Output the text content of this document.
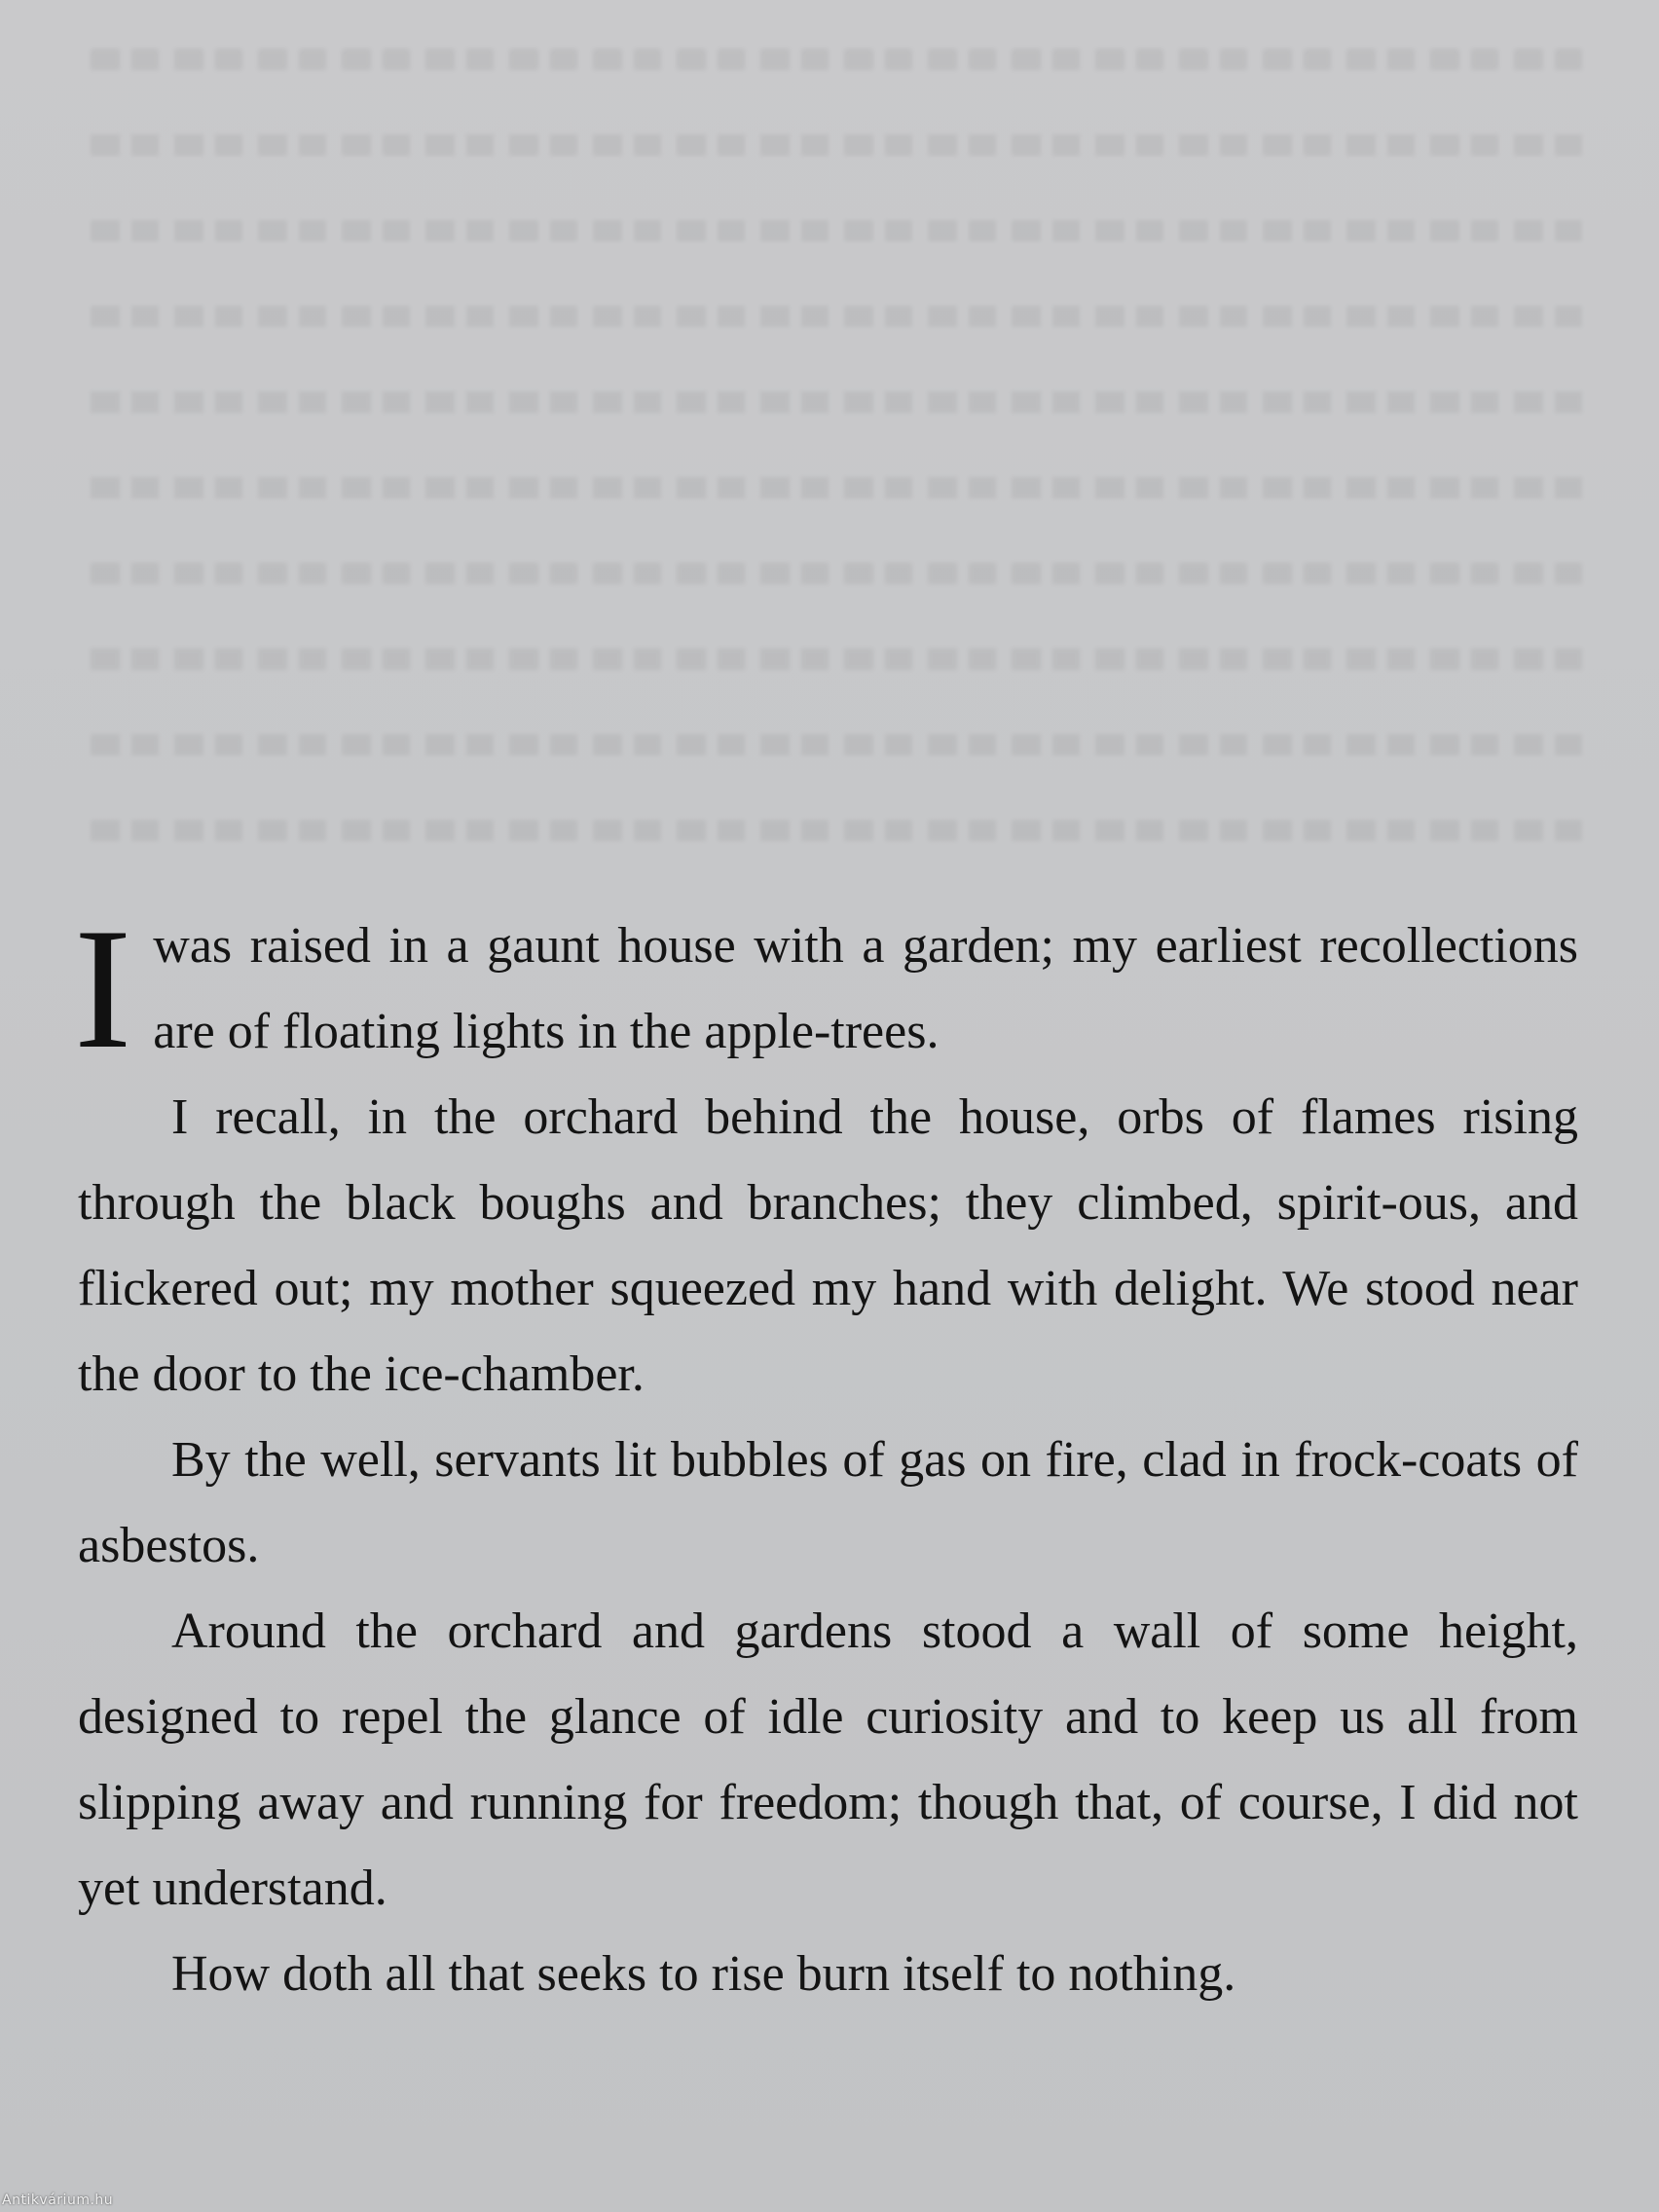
Iwas raised in a gaunt house with a garden; my earliest recollections are of floating lights in the apple-trees.

I recall, in the orchard behind the house, orbs of flames rising through the black boughs and branches; they climbed, spirit-ous, and flickered out; my mother squeezed my hand with delight. We stood near the door to the ice-chamber.

By the well, servants lit bubbles of gas on fire, clad in frock-coats of asbestos.

Around the orchard and gardens stood a wall of some height, designed to repel the glance of idle curiosity and to keep us all from slipping away and running for freedom; though that, of course, I did not yet understand.

How doth all that seeks to rise burn itself to nothing.

Antikvárium.hu
